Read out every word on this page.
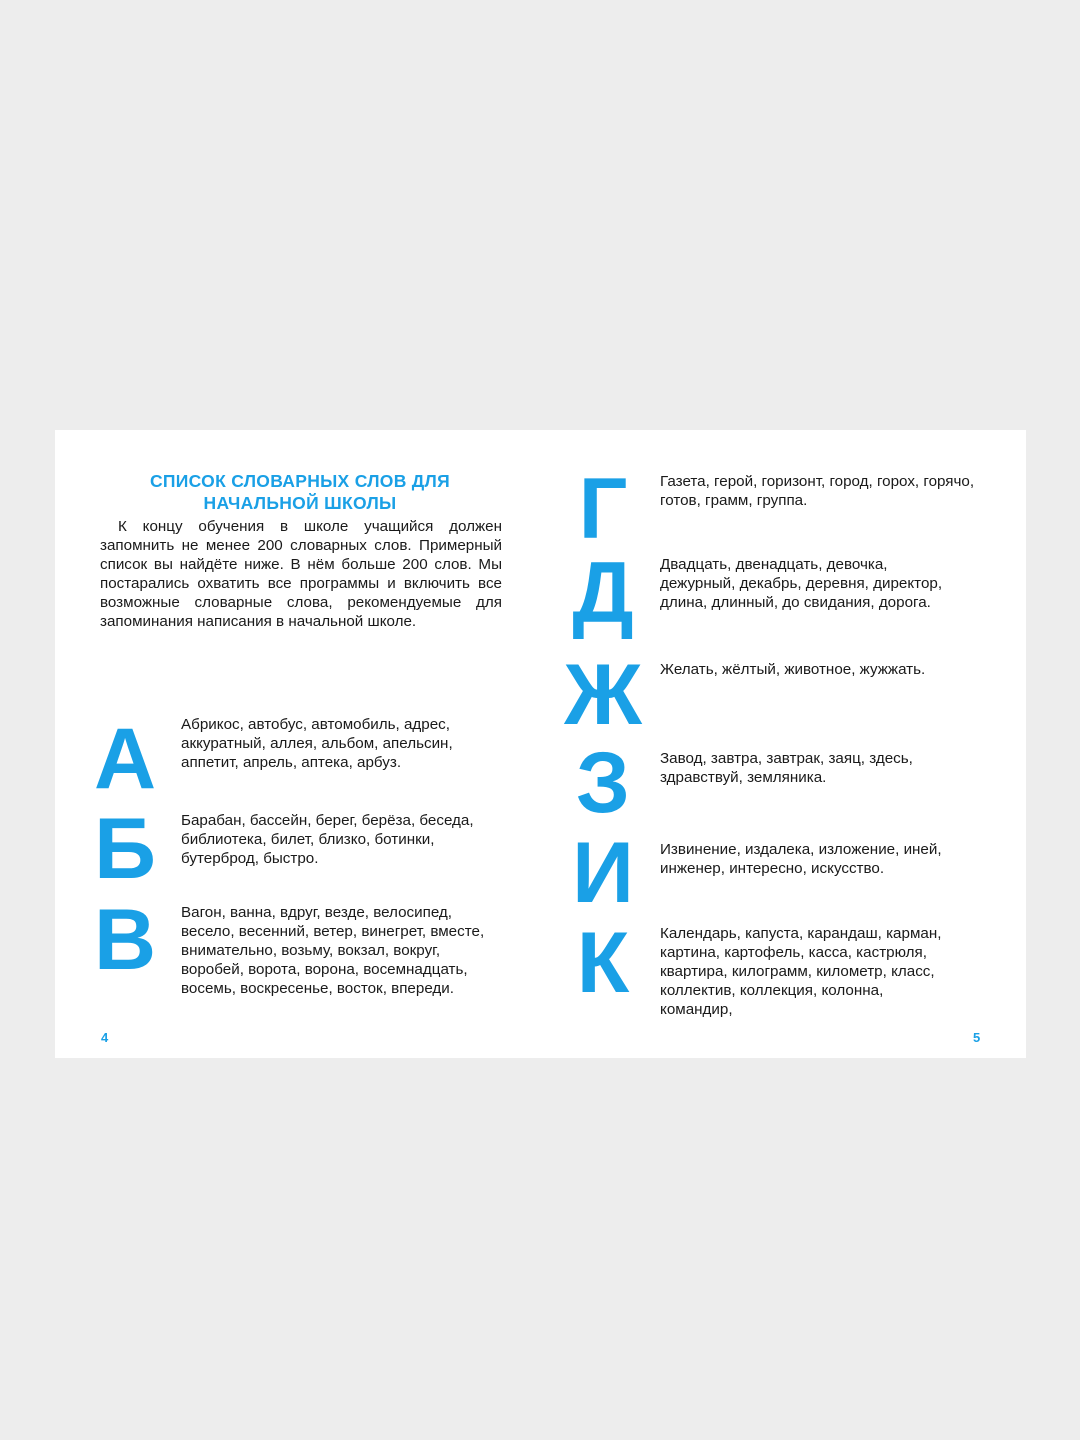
СПИСОК СЛОВАРНЫХ СЛОВ ДЛЯ НАЧАЛЬНОЙ ШКОЛЫ

К концу обучения в школе учащийся должен запомнить не менее 200 словарных слов. Примерный список вы найдёте ниже. В нём больше 200 слов. Мы постарались охватить все программы и включить все возможные словарные слова, рекомендуемые для запоминания написания в начальной школе.

А	Абрикос, автобус, автомобиль, адрес, аккуратный, аллея, альбом, апельсин, аппетит, апрель, аптека, арбуз.

Б	Барабан, бассейн, берег, берёза, беседа, библиотека, билет, близко, ботинки, бутерброд, быстро.

В	Вагон, ванна, вдруг, везде, велосипед, весело, весенний, ветер, винегрет, вместе, внимательно, возьму, вокзал, вокруг, воробей, ворота, ворона, восемнадцать, восемь, воскресенье, восток, впереди.

4
Г	Газета, герой, горизонт, город, горох, горячо, готов, грамм, группа.

Д	Двадцать, двенадцать, девочка, дежурный, декабрь, деревня, директор, длина, длинный, до свидания, дорога.

Ж Желать, жёлтый, животное, жужжать.

З	Завод, завтра, завтрак, заяц, здесь, здравствуй, земляника.

И	Извинение, издалека, изложение, иней, инженер, интересно, искусство.

К	Календарь, капуста, карандаш, карман, картина, картофель, касса, кастрюля, квартира, килограмм, километр, класс, коллектив, коллекция, колонна, командир,

5
